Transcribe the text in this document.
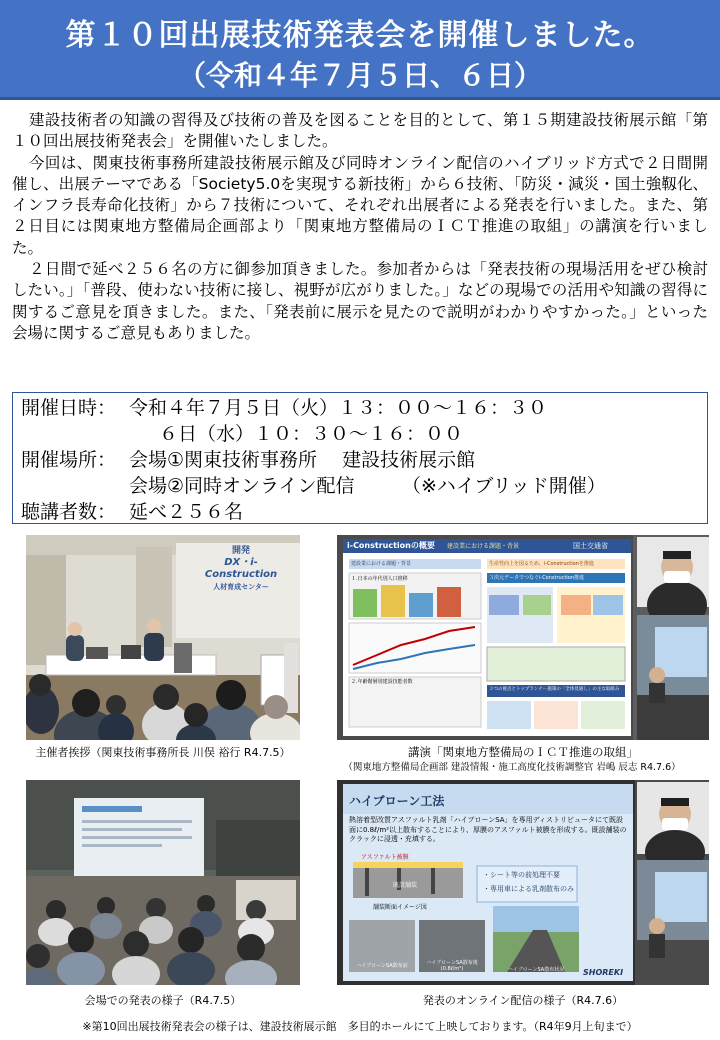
第１０回出展技術発表会を開催しました。
（令和４年７月５日、６日）

建設技術者の知識の習得及び技術の普及を図ることを目的として、第１５期建設技術展示館「第１０回出展技術発表会」を開催いたしました。

今回は、関東技術事務所建設技術展示館及び同時オンライン配信のハイブリッド方式で２日間開催し、出展テーマである「Society5.0を実現する新技術」から６技術、「防災・減災・国土強靱化、インフラ長寿命化技術」から７技術について、それぞれ出展者による発表を行いました。また、第２日目には関東地方整備局企画部より「関東地方整備局のＩＣＴ推進の取組」の講演を行いました。

２日間で延べ２５６名の方に御参加頂きました。参加者からは「発表技術の現場活用をぜひ検討したい。」「普段、使わない技術に接し、視野が広がりました。」などの現場での活用や知識の習得に関するご意見を頂きました。また、「発表前に展示を見たので説明がわかりやすかった。」といった会場に関するご意見もありました。

開催日時： 令和４年７月５日（火）１３：００～１６：３０
６日（水）１０：３０～１６：００
開催場所： 会場①関東技術事務所　 建設技術展示館
会場②同時オンライン配信　　　（※ハイブリッド開催）
聴講者数： 延べ２５６名
開発
DX・i-Construction
人材育成センター
主催者挨拶（関東技術事務所長 川俣 裕行 R4.7.5）
i-Constructionの概要 建設業における課題・背景	国土交通省
建設業における課題・背景	生産性向上を図るため、i-Constructionを推進
３次元データでつなぐi-Construction推進
１.日本の年代別人口推移
２.年齢階層別建設技能者数
３つの視点とトップランナー施策の「全体見通し」の主な取組み
講演「関東地方整備局のＩＣＴ推進の取組」
（関東地方整備局企画部 建設情報・施工高度化技術調整官 岩嶋 辰志 R4.7.6）
会場での発表の様子（R4.7.5）
ハイブローン工法
熱溶着型改質アスファルト乳剤「ハイブローンSA」を専用ディストリビュータにて既設面に0.8ℓ/m²以上散布することにより、厚膜のアスファルト被膜を形成する。既設舗装のクラックに浸透・充填する。
・シート等の前処理不要
・専用車による乳剤散布のみ
アスファルト被膜
既設舗装
舗装断面イメージ図
ハイブローンSA散布前	ハイブローンSA散布後(0.8ℓ/m²)	ハイブローンSA散布状況	SHOREKI
発表のオンライン配信の様子（R4.7.6）
※第10回出展技術発表会の様子は、建設技術展示館　多目的ホールにて上映しております。（R4年9月上旬まで）
